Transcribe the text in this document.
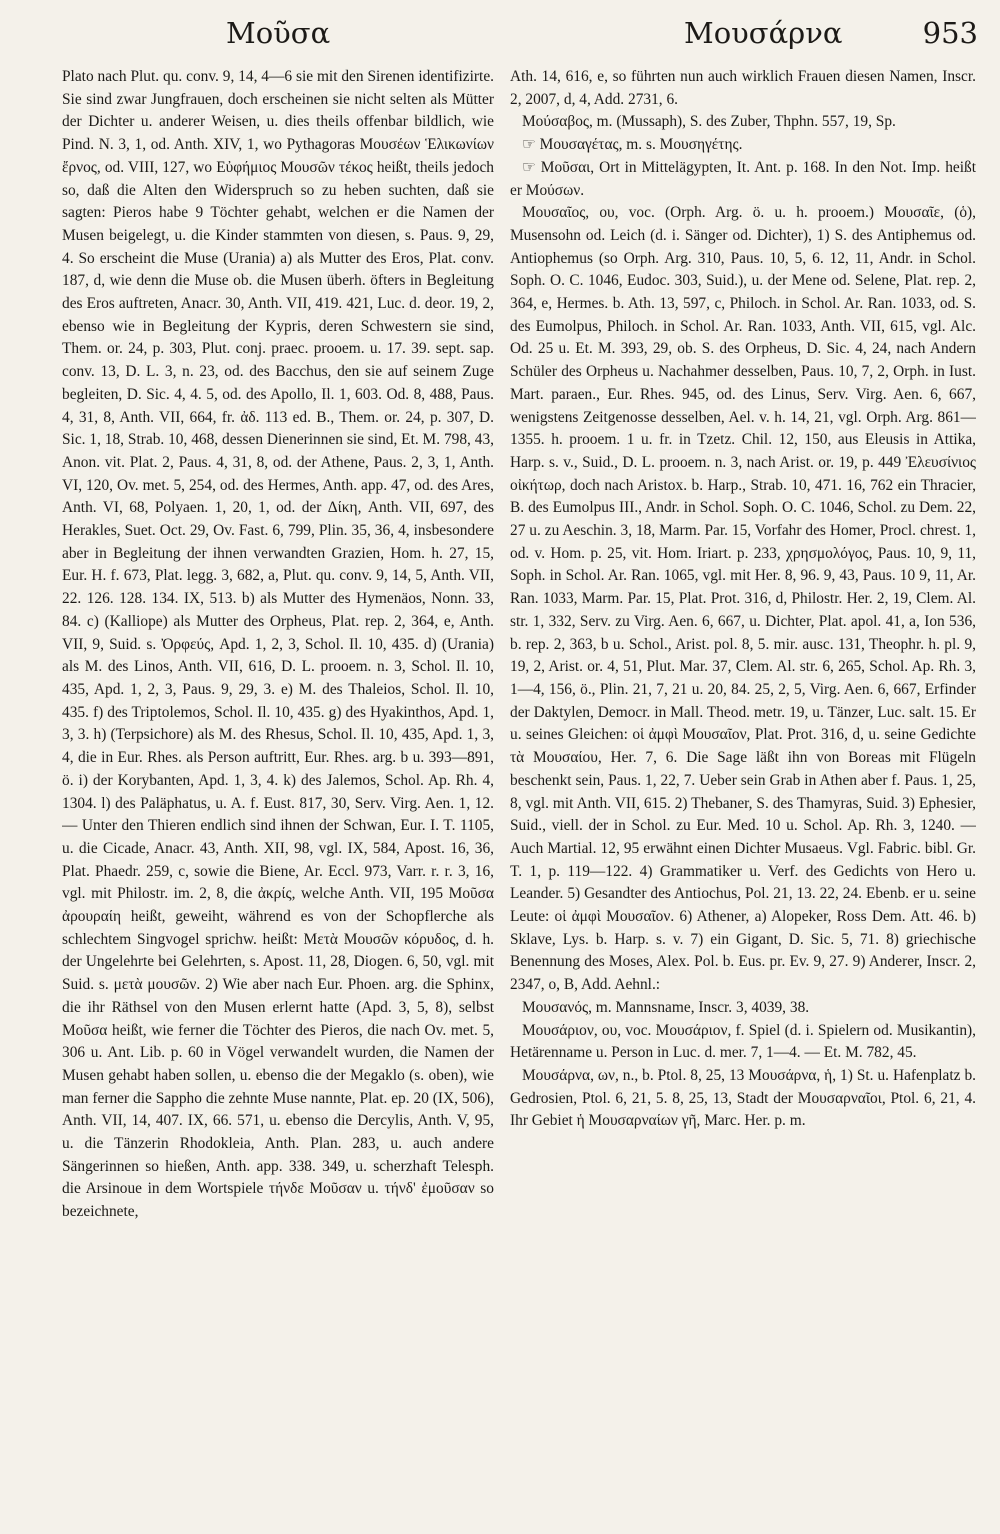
Μοῦσα	Μουσάρνα	953

Plato nach Plut. qu. conv. 9, 14, 4—6 sie mit den Sirenen identifizirte. Sie sind zwar Jungfrauen, doch erscheinen sie nicht selten als Mütter der Dichter u. anderer Weisen, u. dies theils offenbar bildlich, wie Pind. N. 3, 1, od. Anth. XIV, 1, wo Pythagoras Μουσέων Ἑλικωνίων ἔρνος, od. VIII, 127, wo Εὐφήμιος Μουσῶν τέκος heißt, theils jedoch so, daß die Alten den Widerspruch so zu heben suchten, daß sie sagten: Pieros habe 9 Töchter gehabt, welchen er die Namen der Musen beigelegt, u. die Kinder stammten von diesen, s. Paus. 9, 29, 4. So erscheint die Muse (Urania) a) als Mutter des Eros, Plat. conv. 187, d, wie denn die Muse ob. die Musen überh. öfters in Begleitung des Eros auftreten, Anacr. 30, Anth. VII, 419. 421, Luc. d. deor. 19, 2, ebenso wie in Begleitung der Kypris, deren Schwestern sie sind, Them. or. 24, p. 303, Plut. conj. praec. prooem. u. 17. 39. sept. sap. conv. 13, D. L. 3, n. 23, od. des Bacchus, den sie auf seinem Zuge begleiten, D. Sic. 4, 4. 5, od. des Apollo, Il. 1, 603. Od. 8, 488, Paus. 4, 31, 8, Anth. VII, 664, fr. ἀδ. 113 ed. B., Them. or. 24, p. 307, D. Sic. 1, 18, Strab. 10, 468, dessen Dienerinnen sie sind, Et. M. 798, 43, Anon. vit. Plat. 2, Paus. 4, 31, 8, od. der Athene, Paus. 2, 3, 1, Anth. VI, 120, Ov. met. 5, 254, od. des Hermes, Anth. app. 47, od. des Ares, Anth. VI, 68, Polyaen. 1, 20, 1, od. der Δίκη, Anth. VII, 697, des Herakles, Suet. Oct. 29, Ov. Fast. 6, 799, Plin. 35, 36, 4, insbesondere aber in Begleitung der ihnen verwandten Grazien, Hom. h. 27, 15, Eur. H. f. 673, Plat. legg. 3, 682, a, Plut. qu. conv. 9, 14, 5, Anth. VII, 22. 126. 128. 134. IX, 513. b) als Mutter des Hymenäos, Nonn. 33, 84. c) (Kalliope) als Mutter des Orpheus, Plat. rep. 2, 364, e, Anth. VII, 9, Suid. s. Ὀρφεύς, Apd. 1, 2, 3, Schol. Il. 10, 435. d) (Urania) als M. des Linos, Anth. VII, 616, D. L. prooem. n. 3, Schol. Il. 10, 435, Apd. 1, 2, 3, Paus. 9, 29, 3. e) M. des Thaleios, Schol. Il. 10, 435. f) des Triptolemos, Schol. Il. 10, 435. g) des Hyakinthos, Apd. 1, 3, 3. h) (Terpsichore) als M. des Rhesus, Schol. Il. 10, 435, Apd. 1, 3, 4, die in Eur. Rhes. als Person auftritt, Eur. Rhes. arg. b u. 393—891, ö. i) der Korybanten, Apd. 1, 3, 4. k) des Jalemos, Schol. Ap. Rh. 4, 1304. l) des Paläphatus, u. A. f. Eust. 817, 30, Serv. Virg. Aen. 1, 12. — Unter den Thieren endlich sind ihnen der Schwan, Eur. I. T. 1105, u. die Cicade, Anacr. 43, Anth. XII, 98, vgl. IX, 584, Apost. 16, 36, Plat. Phaedr. 259, c, sowie die Biene, Ar. Eccl. 973, Varr. r. r. 3, 16, vgl. mit Philostr. im. 2, 8, die ἀκρίς, welche Anth. VII, 195 Μοῦσα ἀρουραίη heißt, geweiht, während es von der Schopflerche als schlechtem Singvogel sprichw. heißt: Μετὰ Μουσῶν κόρυδος, d. h. der Ungelehrte bei Gelehrten, s. Apost. 11, 28, Diogen. 6, 50, vgl. mit Suid. s. μετὰ μουσῶν. 2) Wie aber nach Eur. Phoen. arg. die Sphinx, die ihr Räthsel von den Musen erlernt hatte (Apd. 3, 5, 8), selbst Μοῦσα heißt, wie ferner die Töchter des Pieros, die nach Ov. met. 5, 306 u. Ant. Lib. p. 60 in Vögel verwandelt wurden, die Namen der Musen gehabt haben sollen, u. ebenso die der Megaklo (s. oben), wie man ferner die Sappho die zehnte Muse nannte, Plat. ep. 20 (IX, 506), Anth. VII, 14, 407. IX, 66. 571, u. ebenso die Dercylis, Anth. V, 95, u. die Tänzerin Rhodokleia, Anth. Plan. 283, u. auch andere Sängerinnen so hießen, Anth. app. 338. 349, u. scherzhaft Telesph. die Arsinoue in dem Wortspiele τήνδε Μοῦσαν u. τήνδ' ἐμοῦσαν so bezeichnete,

Ath. 14, 616, e, so führten nun auch wirklich Frauen diesen Namen, Inscr. 2, 2007, d, 4, Add. 2731, 6.

Μούσαβος, m. (Mussaph), S. des Zuber, Thphn. 557, 19, Sp.

☞ Μουσαγέτας, m. s. Μουσηγέτης.

☞ Μοῦσαι, Ort in Mittelägypten, It. Ant. p. 168. In den Not. Imp. heißt er Μούσων.

Μουσαῖος, ου, voc. (Orph. Arg. ö. u. h. prooem.) Μουσαῖε, (ὁ), Musensohn od. Leich (d. i. Sänger od. Dichter), 1) S. des Antiphemus od. Antiophemus (so Orph. Arg. 310, Paus. 10, 5, 6. 12, 11, Andr. in Schol. Soph. O. C. 1046, Eudoc. 303, Suid.), u. der Mene od. Selene, Plat. rep. 2, 364, e, Hermes. b. Ath. 13, 597, c, Philoch. in Schol. Ar. Ran. 1033, od. S. des Eumolpus, Philoch. in Schol. Ar. Ran. 1033, Anth. VII, 615, vgl. Alc. Od. 25 u. Et. M. 393, 29, ob. S. des Orpheus, D. Sic. 4, 24, nach Andern Schüler des Orpheus u. Nachahmer desselben, Paus. 10, 7, 2, Orph. in Iust. Mart. paraen., Eur. Rhes. 945, od. des Linus, Serv. Virg. Aen. 6, 667, wenigstens Zeitgenosse desselben, Ael. v. h. 14, 21, vgl. Orph. Arg. 861—1355. h. prooem. 1 u. fr. in Tzetz. Chil. 12, 150, aus Eleusis in Attika, Harp. s. v., Suid., D. L. prooem. n. 3, nach Arist. or. 19, p. 449 Ἐλευσίνιος οἰκήτωρ, doch nach Aristox. b. Harp., Strab. 10, 471. 16, 762 ein Thracier, B. des Eumolpus III., Andr. in Schol. Soph. O. C. 1046, Schol. zu Dem. 22, 27 u. zu Aeschin. 3, 18, Marm. Par. 15, Vorfahr des Homer, Procl. chrest. 1, od. v. Hom. p. 25, vit. Hom. Iriart. p. 233, χρησμολόγος, Paus. 10, 9, 11, Soph. in Schol. Ar. Ran. 1065, vgl. mit Her. 8, 96. 9, 43, Paus. 10 9, 11, Ar. Ran. 1033, Marm. Par. 15, Plat. Prot. 316, d, Philostr. Her. 2, 19, Clem. Al. str. 1, 332, Serv. zu Virg. Aen. 6, 667, u. Dichter, Plat. apol. 41, a, Ion 536, b. rep. 2, 363, b u. Schol., Arist. pol. 8, 5. mir. ausc. 131, Theophr. h. pl. 9, 19, 2, Arist. or. 4, 51, Plut. Mar. 37, Clem. Al. str. 6, 265, Schol. Ap. Rh. 3, 1—4, 156, ö., Plin. 21, 7, 21 u. 20, 84. 25, 2, 5, Virg. Aen. 6, 667, Erfinder der Daktylen, Democr. in Mall. Theod. metr. 19, u. Tänzer, Luc. salt. 15. Er u. seines Gleichen: οἱ ἀμφὶ Μουσαῖον, Plat. Prot. 316, d, u. seine Gedichte τὰ Μουσαίου, Her. 7, 6. Die Sage läßt ihn von Boreas mit Flügeln beschenkt sein, Paus. 1, 22, 7. Ueber sein Grab in Athen aber f. Paus. 1, 25, 8, vgl. mit Anth. VII, 615. 2) Thebaner, S. des Thamyras, Suid. 3) Ephesier, Suid., viell. der in Schol. zu Eur. Med. 10 u. Schol. Ap. Rh. 3, 1240. — Auch Martial. 12, 95 erwähnt einen Dichter Musaeus. Vgl. Fabric. bibl. Gr. T. 1, p. 119—122. 4) Grammatiker u. Verf. des Gedichts von Hero u. Leander. 5) Gesandter des Antiochus, Pol. 21, 13. 22, 24. Ebenb. er u. seine Leute: οἱ ἀμφὶ Μουσαῖον. 6) Athener, a) Alopeker, Ross Dem. Att. 46. b) Sklave, Lys. b. Harp. s. v. 7) ein Gigant, D. Sic. 5, 71. 8) griechische Benennung des Moses, Alex. Pol. b. Eus. pr. Ev. 9, 27. 9) Anderer, Inscr. 2, 2347, o, B, Add. Aehnl.:

Μουσανός, m. Mannsname, Inscr. 3, 4039, 38.

Μουσάριον, ου, voc. Μουσάριον, f. Spiel (d. i. Spielern od. Musikantin), Hetärenname u. Person in Luc. d. mer. 7, 1—4. — Et. M. 782, 45.

Μουσάρνα, ων, n., b. Ptol. 8, 25, 13 Μουσάρνα, ἡ, 1) St. u. Hafenplatz b. Gedrosien, Ptol. 6, 21, 5. 8, 25, 13, Stadt der Μουσαρναῖοι, Ptol. 6, 21, 4. Ihr Gebiet ἡ Μουσαρναίων γῆ, Marc. Her. p. m.
